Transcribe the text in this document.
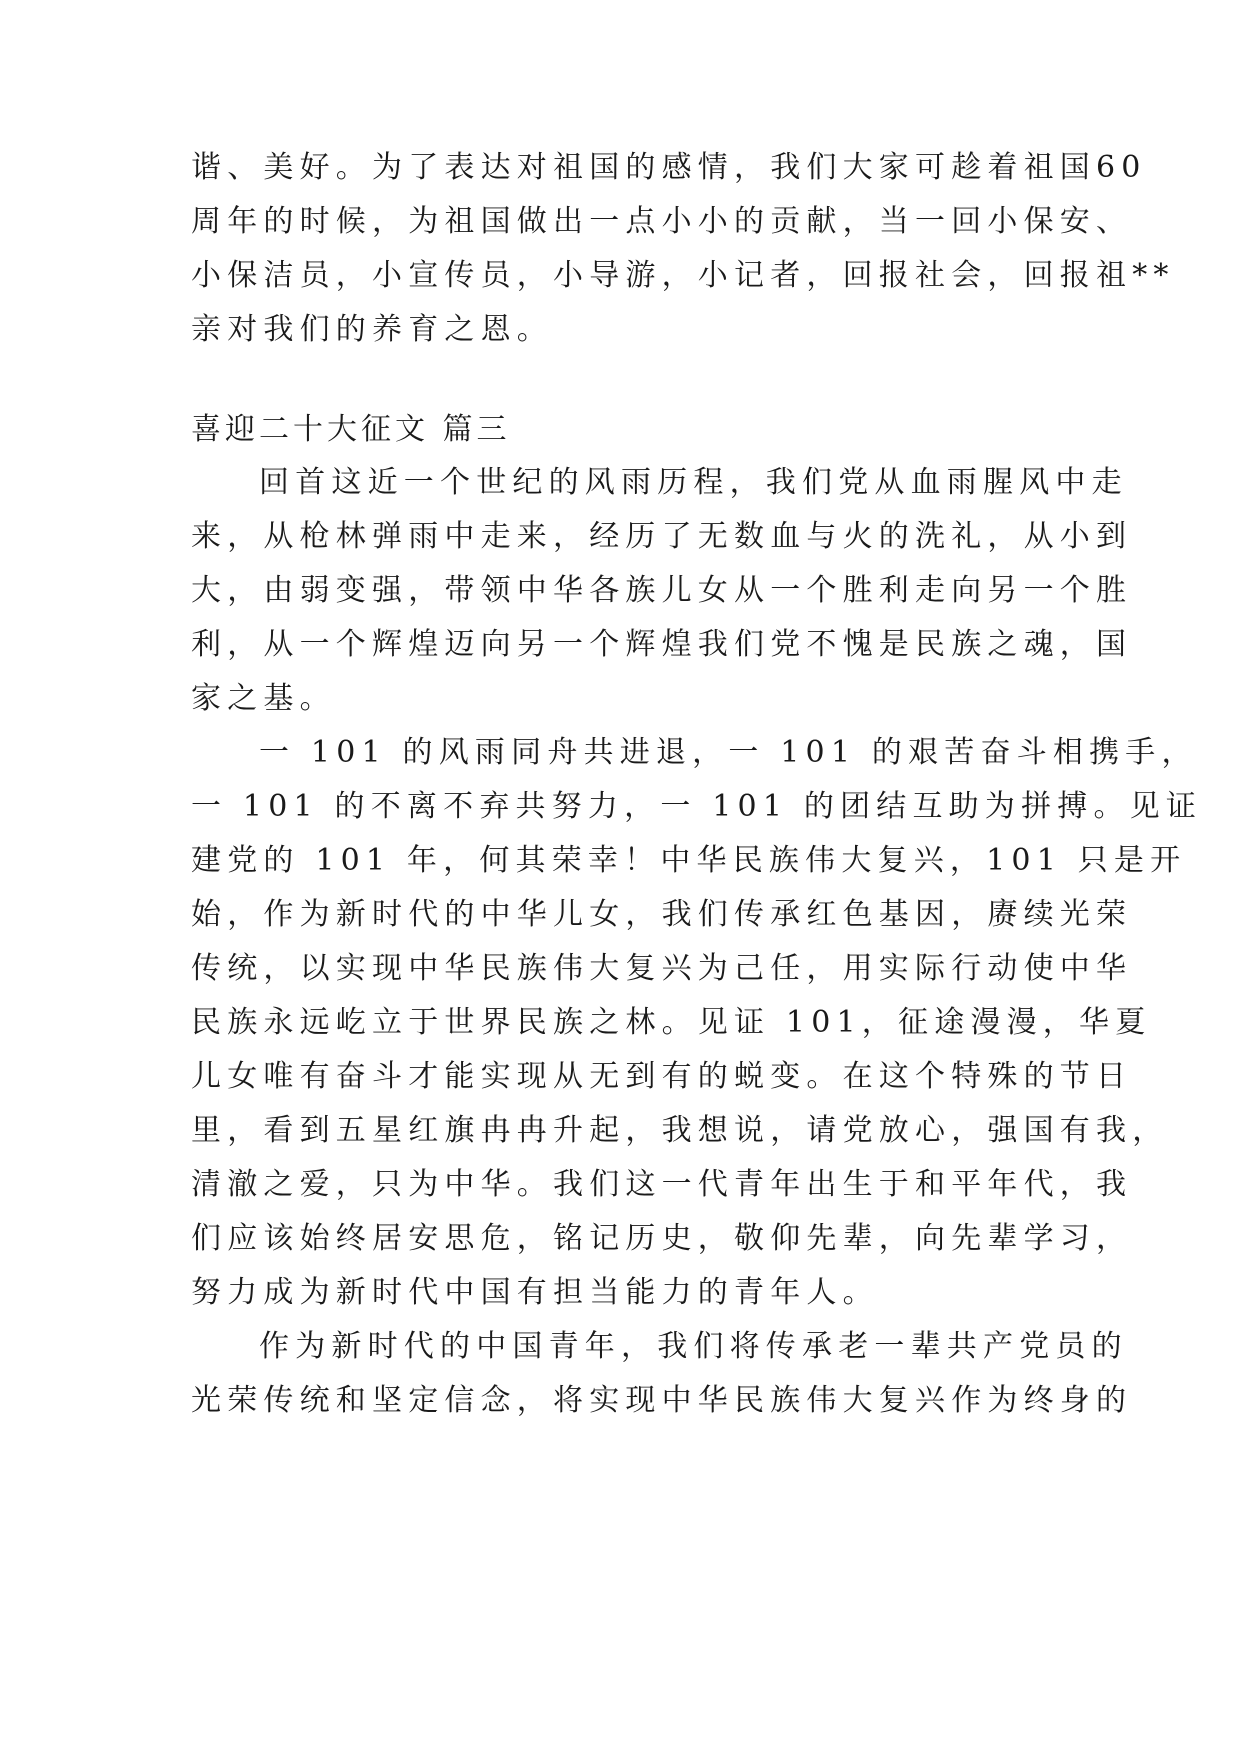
谐、美好。为了表达对祖国的感情，我们大家可趁着祖国60
周年的时候，为祖国做出一点小小的贡献，当一回小保安、
小保洁员，小宣传员，小导游，小记者，回报社会，回报祖**
亲对我们的养育之恩。
喜迎二十大征文 篇三
回首这近一个世纪的风雨历程，我们党从血雨腥风中走
来，从枪林弹雨中走来，经历了无数血与火的洗礼，从小到
大，由弱变强，带领中华各族儿女从一个胜利走向另一个胜
利，从一个辉煌迈向另一个辉煌我们党不愧是民族之魂，国
家之基。
一 101 的风雨同舟共进退，一 101 的艰苦奋斗相携手，
一 101 的不离不弃共努力，一 101 的团结互助为拼搏。见证
建党的 101 年，何其荣幸！中华民族伟大复兴，101 只是开
始，作为新时代的中华儿女，我们传承红色基因，赓续光荣
传统，以实现中华民族伟大复兴为己任，用实际行动使中华
民族永远屹立于世界民族之林。见证 101，征途漫漫，华夏
儿女唯有奋斗才能实现从无到有的蜕变。在这个特殊的节日
里，看到五星红旗冉冉升起，我想说，请党放心，强国有我，
清澈之爱，只为中华。我们这一代青年出生于和平年代，我
们应该始终居安思危，铭记历史，敬仰先辈，向先辈学习，
努力成为新时代中国有担当能力的青年人。
作为新时代的中国青年，我们将传承老一辈共产党员的
光荣传统和坚定信念，将实现中华民族伟大复兴作为终身的
